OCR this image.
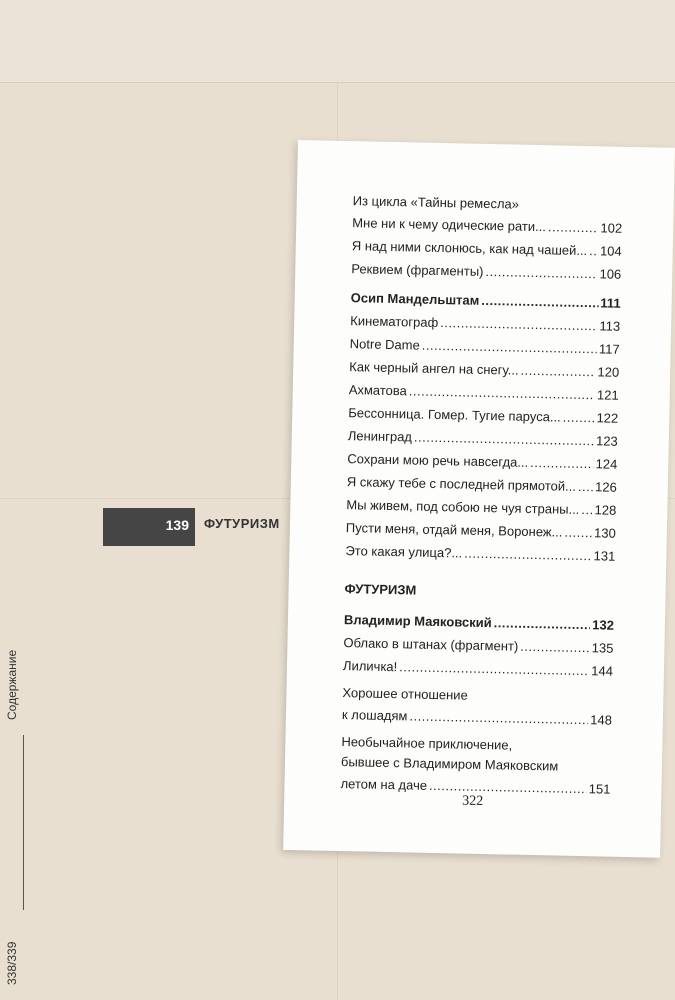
139 ФУТУРИЗМ
Содержание
338/339
Из цикла «Тайны ремесла»
Мне ни к чему одические рати... .....	102
Я над ними склонюсь, как над чашей... ..... 104
Реквием (фрагменты) .....	106
Осип Мандельштам .....	111
Кинематограф .....	113
Notre Dame .....	117
Как черный ангел на снегу... .....	120
Ахматова .....	121
Бессонница. Гомер. Тугие паруса... .....	122
Ленинград .....	123
Сохрани мою речь навсегда... .....	124
Я скажу тебе с последней прямотой... ..... 126
Мы живем, под собою не чуя страны... ..... 128
Пусти меня, отдай меня, Воронеж... ..... 130
Это какая улица?... .....	131
ФУТУРИЗМ
Владимир Маяковский .....	132
Облако в штанах (фрагмент) .....	135
Лиличка! .....	144
Хорошее отношение
к лошадям .....	148
Необычайное приключение,
бывшее с Владимиром Маяковским
летом на даче .....	151
322
